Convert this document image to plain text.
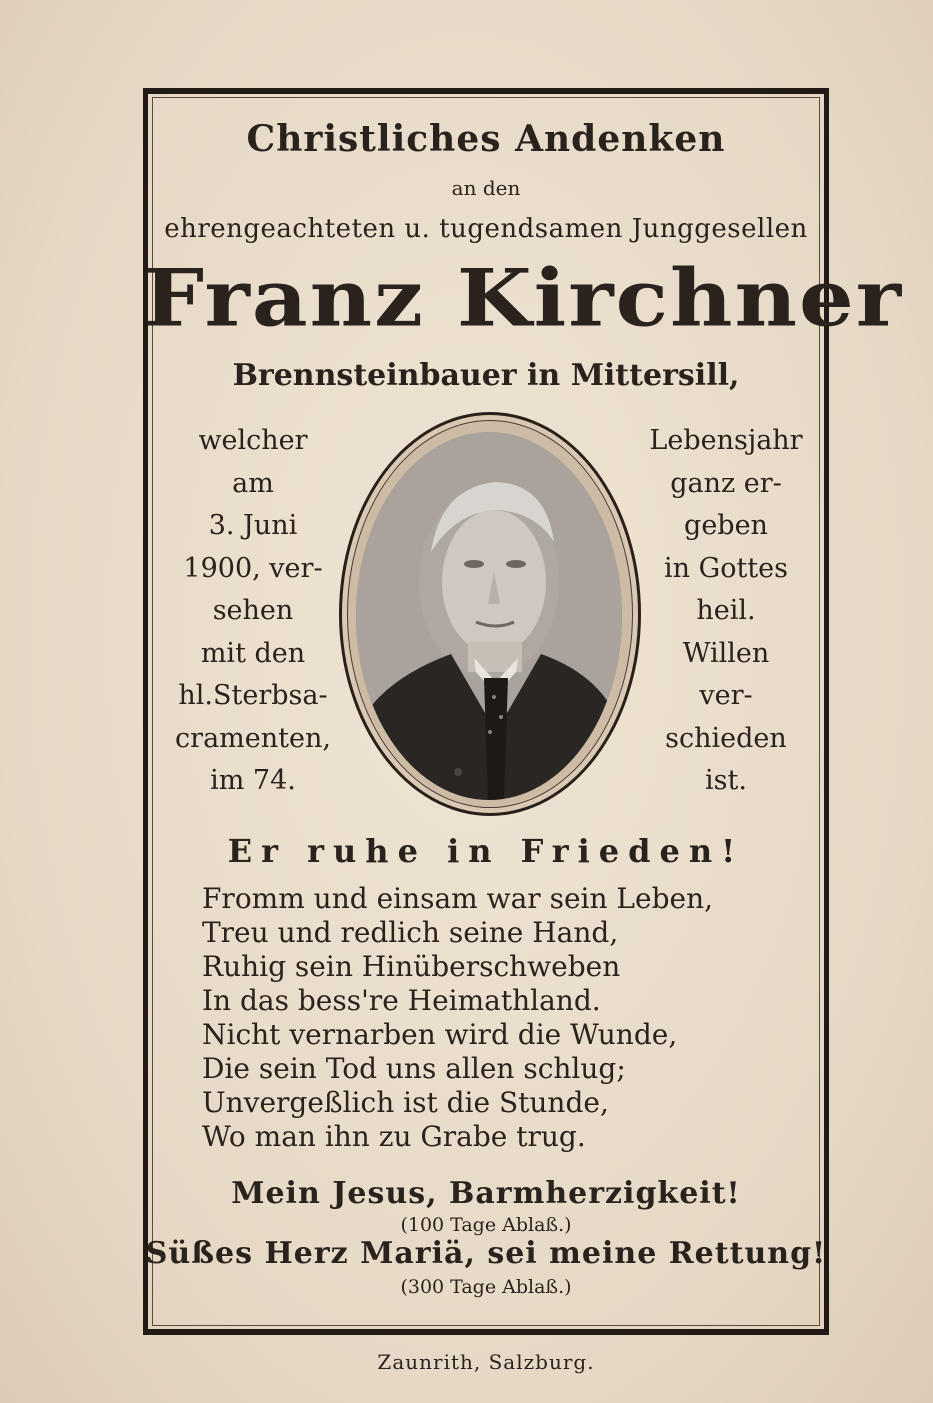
Christliches Andenken
an den
ehrengeachteten u. tugendsamen Junggesellen
Franz Kirchner
Brennsteinbauer in Mittersill,
welcher
am
3. Juni
1900, ver-
sehen
mit den
hl.Sterbsa-
cramenten,
im 74.
Lebensjahr
ganz er-
geben
in Gottes
heil.
Willen
ver-
schieden
ist.
Er ruhe in Frieden!
Fromm und einsam war sein Leben,
Treu und redlich seine Hand,
Ruhig sein Hinüberschweben
In das bess're Heimathland.
Nicht vernarben wird die Wunde,
Die sein Tod uns allen schlug;
Unvergeßlich ist die Stunde,
Wo man ihn zu Grabe trug.
Mein Jesus, Barmherzigkeit!
(100 Tage Ablaß.)
Süßes Herz Mariä, sei meine Rettung!
(300 Tage Ablaß.)
Zaunrith, Salzburg.
